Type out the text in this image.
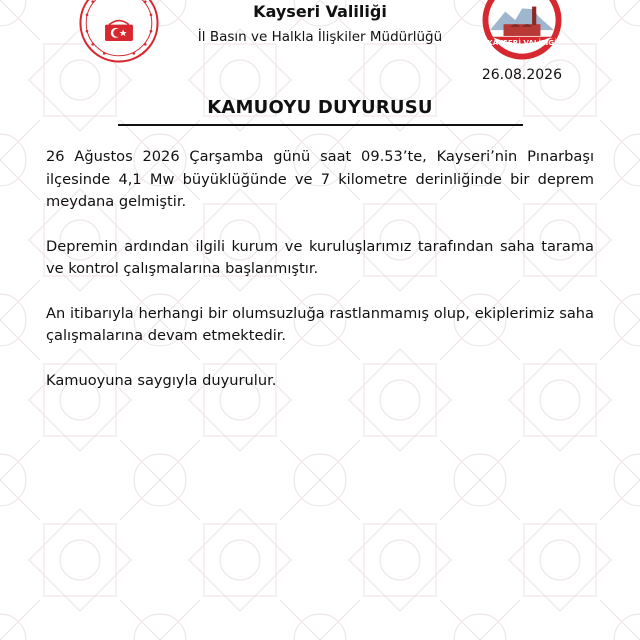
KAYSERİ VALİLİĞİ
Kayseri Valiliği
İl Basın ve Halkla İlişkiler Müdürlüğü
26.08.2026
KAMUOYU DUYURUSU

26 Ağustos 2026 Çarşamba günü saat 09.53’te, Kayseri’nin Pınarbaşı ilçesinde 4,1 Mw büyüklüğünde ve 7 kilometre derinliğinde bir deprem meydana gelmiştir.

Depremin ardından ilgili kurum ve kuruluşlarımız tarafından saha tarama ve kontrol çalışmalarına başlanmıştır.

An itibarıyla herhangi bir olumsuzluğa rastlanmamış olup, ekiplerimiz saha çalışmalarına devam etmektedir.

Kamuoyuna saygıyla duyurulur.
